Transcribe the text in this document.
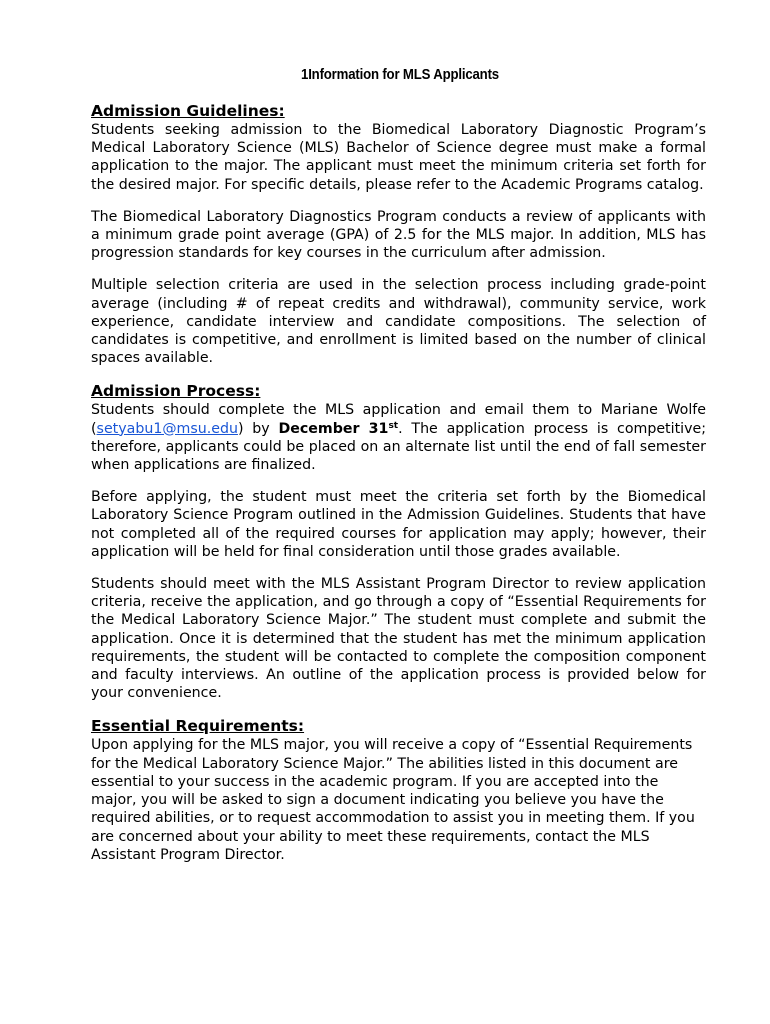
1Information for MLS Applicants
Admission Guidelines:

Students seeking admission to the Biomedical Laboratory Diagnostic Program’s Medical Laboratory Science (MLS) Bachelor of Science degree must make a formal application to the major. The applicant must meet the minimum criteria set forth for the desired major. For specific details, please refer to the Academic Programs catalog.

The Biomedical Laboratory Diagnostics Program conducts a review of applicants with a minimum grade point average (GPA) of 2.5 for the MLS major. In addition, MLS has progression standards for key courses in the curriculum after admission.

Multiple selection criteria are used in the selection process including grade-point average (including # of repeat credits and withdrawal), community service, work experience, candidate interview and candidate compositions. The selection of candidates is competitive, and enrollment is limited based on the number of clinical spaces available.

Admission Process:

Students should complete the MLS application and email them to Mariane Wolfe (setyabu1@msu.edu) by December 31st. The application process is competitive; therefore, applicants could be placed on an alternate list until the end of fall semester when applications are finalized.

Before applying, the student must meet the criteria set forth by the Biomedical Laboratory Science Program outlined in the Admission Guidelines. Students that have not completed all of the required courses for application may apply; however, their application will be held for final consideration until those grades available.

Students should meet with the MLS Assistant Program Director to review application criteria, receive the application, and go through a copy of “Essential Requirements for the Medical Laboratory Science Major.” The student must complete and submit the application. Once it is determined that the student has met the minimum application requirements, the student will be contacted to complete the composition component and faculty interviews. An outline of the application process is provided below for your convenience.

Essential Requirements:

Upon applying for the MLS major, you will receive a copy of “Essential Requirements for the Medical Laboratory Science Major.” The abilities listed in this document are essential to your success in the academic program. If you are accepted into the major, you will be asked to sign a document indicating you believe you have the required abilities, or to request accommodation to assist you in meeting them. If you are concerned about your ability to meet these requirements, contact the MLS Assistant Program Director.
